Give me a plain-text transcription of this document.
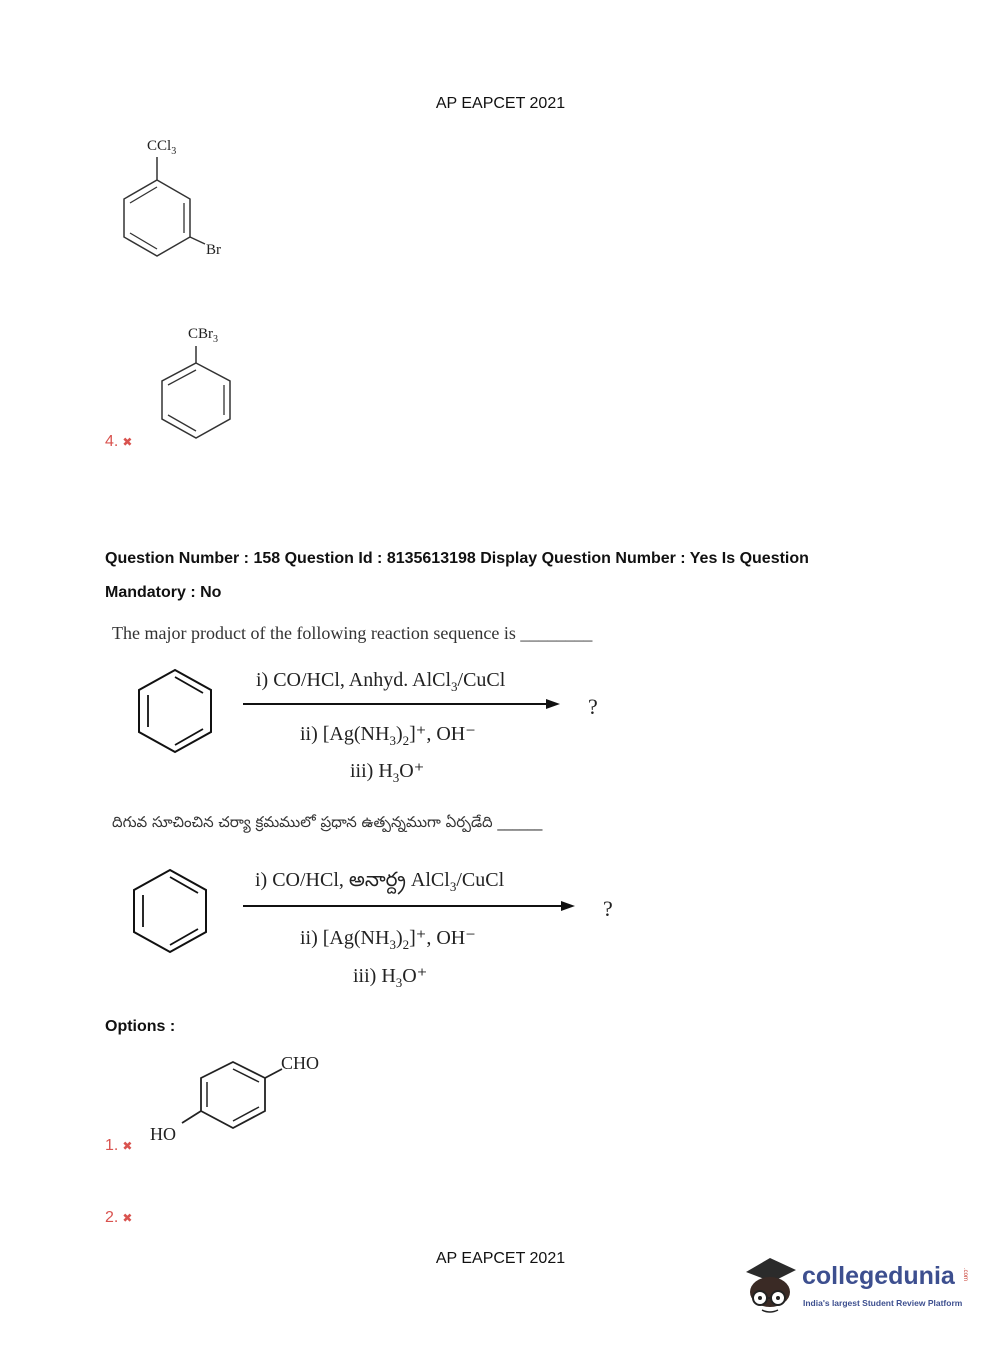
AP EAPCET 2021
CCl$_3$
Br
CBr$_3$
4. ✖
Question Number : 158 Question Id : 8135613198 Display Question Number : Yes Is Question
Mandatory : No
The major product of the following reaction sequence is ________
i) CO/HCl, Anhyd. AlCl$_3$/CuCl
ii) $[Ag(NH_3)_2]^+$, OH⁻
iii) $H_3O^+$
?
దిగువ సూచించిన చర్యా క్రమములో ప్రధాన ఉత్పన్నముగా ఏర్పడేది ______
i) CO/HCl, అనార్ద్ర AlCl$_3$/CuCl
ii) $[Ag(NH_3)_2]^+$, OH⁻
iii) $H_3O^+$
?
Options :
CHO
HO
1. ✖
2. ✖
AP EAPCET 2021
collegedunia .com
India's largest Student Review Platform
